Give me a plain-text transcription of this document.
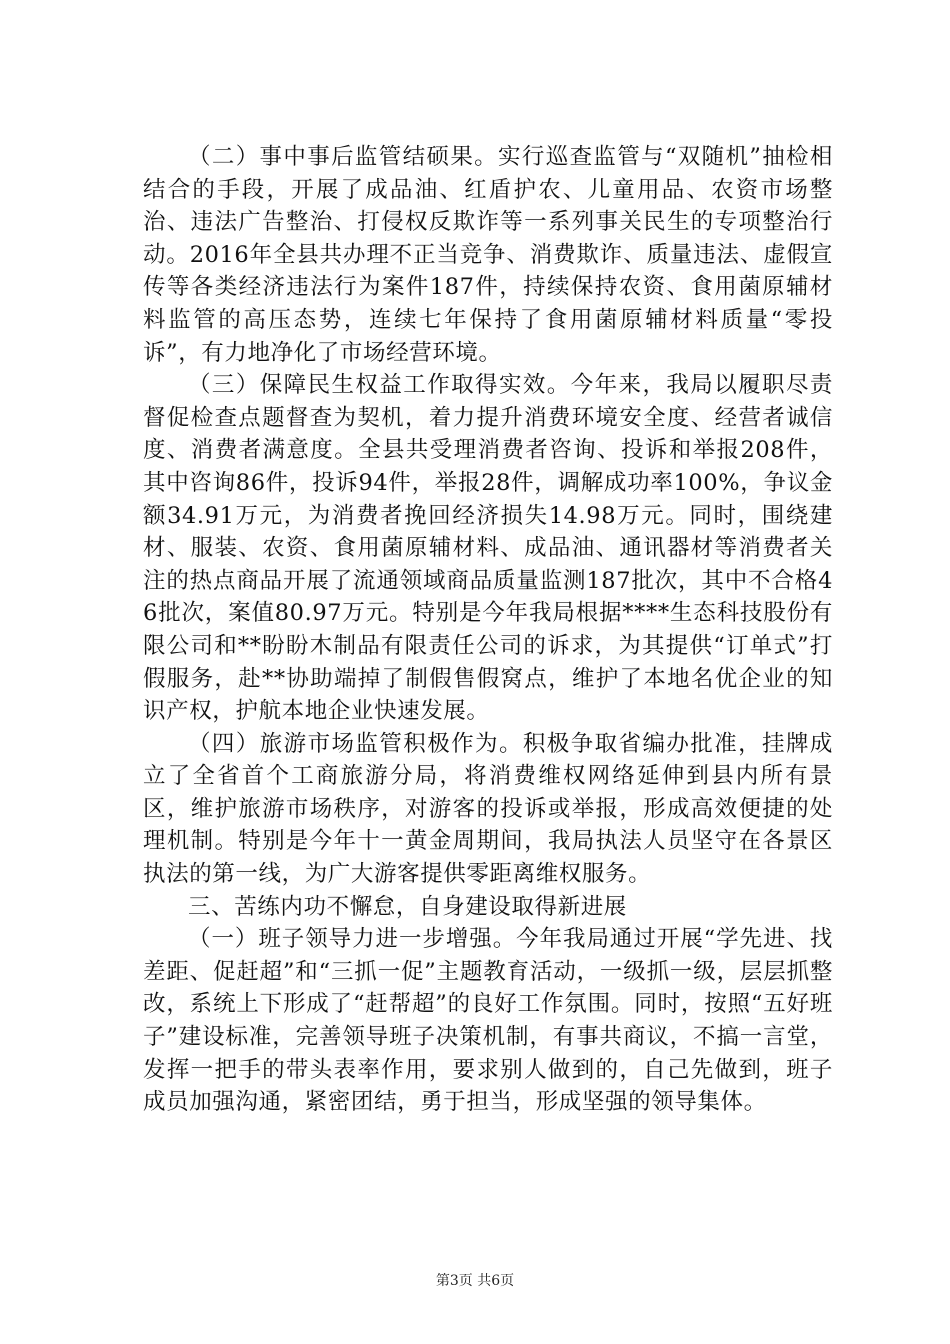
（二）事中事后监管结硕果。实行巡查监管与“双随机”抽检相结合的手段，开展了成品油、红盾护农、儿童用品、农资市场整治、违法广告整治、打侵权反欺诈等一系列事关民生的专项整治行动。2016年全县共办理不正当竞争、消费欺诈、质量违法、虚假宣传等各类经济违法行为案件187件，持续保持农资、食用菌原辅材料监管的高压态势，连续七年保持了食用菌原辅材料质量“零投诉”，有力地净化了市场经营环境。

（三）保障民生权益工作取得实效。今年来，我局以履职尽责督促检查点题督查为契机，着力提升消费环境安全度、经营者诚信度、消费者满意度。全县共受理消费者咨询、投诉和举报208件，其中咨询86件，投诉94件，举报28件，调解成功率100%，争议金额34.91万元，为消费者挽回经济损失14.98万元。同时，围绕建材、服装、农资、食用菌原辅材料、成品油、通讯器材等消费者关注的热点商品开展了流通领域商品质量监测187批次，其中不合格46批次，案值80.97万元。特别是今年我局根据****生态科技股份有限公司和**盼盼木制品有限责任公司的诉求，为其提供“订单式”打假服务，赴**协助端掉了制假售假窝点，维护了本地名优企业的知识产权，护航本地企业快速发展。

（四）旅游市场监管积极作为。积极争取省编办批准，挂牌成立了全省首个工商旅游分局，将消费维权网络延伸到县内所有景区，维护旅游市场秩序，对游客的投诉或举报，形成高效便捷的处理机制。特别是今年十一黄金周期间，我局执法人员坚守在各景区执法的第一线，为广大游客提供零距离维权服务。

三、苦练内功不懈怠，自身建设取得新进展

（一）班子领导力进一步增强。今年我局通过开展“学先进、找差距、促赶超”和“三抓一促”主题教育活动，一级抓一级，层层抓整改，系统上下形成了“赶帮超”的良好工作氛围。同时，按照“五好班子”建设标准，完善领导班子决策机制，有事共商议，不搞一言堂，发挥一把手的带头表率作用，要求别人做到的，自己先做到，班子成员加强沟通，紧密团结，勇于担当，形成坚强的领导集体。

第3页 共6页
